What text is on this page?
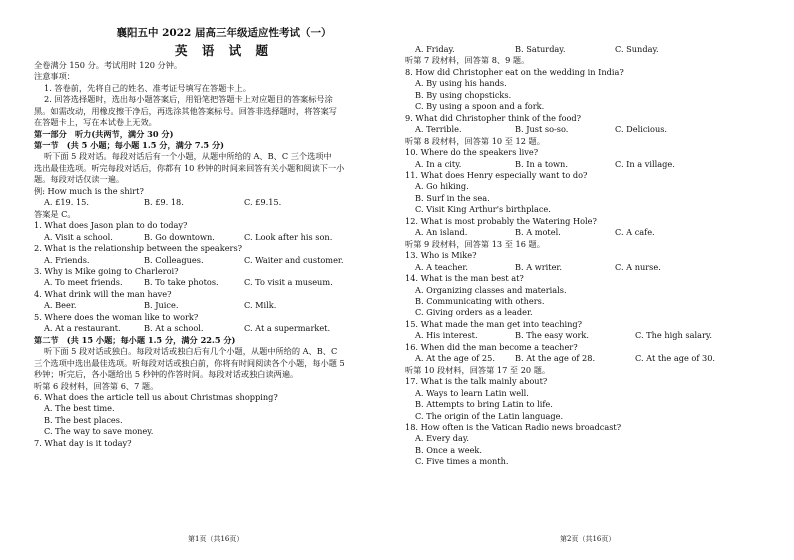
襄阳五中 2022 届高三年级适应性考试（一）
英 语 试 题
全卷满分 150 分。考试用时 120 分钟。
注意事项：
1. 答卷前，先将自己的姓名、准考证号填写在答题卡上。
2. 回答选择题时，选出每小题答案后，用铅笔把答题卡上对应题目的答案标号涂
黑。如需改动，用橡皮擦干净后，再选涂其他答案标号。回答非选择题时，将答案写
在答题卡上，写在本试卷上无效。
第一部分　听力(共两节，满分 30 分)
第一节　(共 5 小题；每小题 1.5 分，满分 7.5 分)
听下面 5 段对话。每段对话后有一个小题，从题中所给的 A、B、C 三个选项中
选出最佳选项。听完每段对话后，你都有 10 秒钟的时间来回答有关小题和阅读下一小
题。每段对话仅读一遍。
例: How much is the shirt?
A. £19. 15.	B. £9. 18.	C. £9.15.
答案是 C。
1. What does Jason plan to do today?
A. Visit a school.	B. Go downtown.	C. Look after his son.
2. What is the relationship between the speakers?
A. Friends.	B. Colleagues.	C. Waiter and customer.
3. Why is Mike going to Charleroi?
A. To meet friends.	B. To take photos.	C. To visit a museum.
4. What drink will the man have?
A. Beer.	B. Juice.	C. Milk.
5. Where does the woman like to work?
A. At a restaurant.	B. At a school.	C. At a supermarket.
第二节　(共 15 小题；每小题 1.5 分，满分 22.5 分)
听下面 5 段对话或独白。每段对话或独白后有几个小题，从题中所给的 A、B、C
三个选项中选出最佳选项。听每段对话或独白前，你将有时间阅读各个小题，每小题 5
秒钟；听完后，各小题给出 5 秒钟的作答时间。每段对话或独白读两遍。
听第 6 段材料，回答第 6、7 题。
6. What does the article tell us about Christmas shopping?
A. The best time.
B. The best places.
C. The way to save money.
7. What day is it today?
第1页（共16页）
A. Friday.	B. Saturday.	C. Sunday.
听第 7 段材料，回答第 8、9 题。
8. How did Christopher eat on the wedding in India?
A. By using his hands.
B. By using chopsticks.
C. By using a spoon and a fork.
9. What did Christopher think of the food?
A. Terrible.	B. Just so-so.	C. Delicious.
听第 8 段材料，回答第 10 至 12 题。
10. Where do the speakers live?
A. In a city.	B. In a town.	C. In a village.
11. What does Henry especially want to do?
A. Go hiking.
B. Surf in the sea.
C. Visit King Arthur's birthplace.
12. What is most probably the Watering Hole?
A. An island.	B. A motel.	C. A cafe.
听第 9 段材料，回答第 13 至 16 题。
13. Who is Mike?
A. A teacher.	B. A writer.	C. A nurse.
14. What is the man best at?
A. Organizing classes and materials.
B. Communicating with others.
C. Giving orders as a leader.
15. What made the man get into teaching?
A. His interest.	B. The easy work.	C. The high salary.
16. When did the man become a teacher?
A. At the age of 25.	B. At the age of 28.	C. At the age of 30.
听第 10 段材料，回答第 17 至 20 题。
17. What is the talk mainly about?
A. Ways to learn Latin well.
B. Attempts to bring Latin to life.
C. The origin of the Latin language.
18. How often is the Vatican Radio news broadcast?
A. Every day.
B. Once a week.
C. Five times a month.
第2页（共16页）
